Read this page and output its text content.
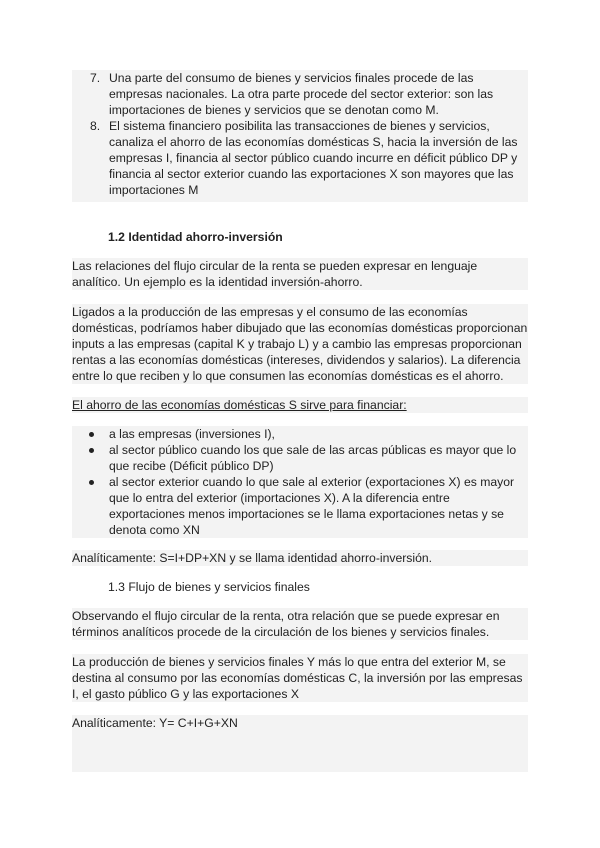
7. Una parte del consumo de bienes y servicios finales procede de las empresas nacionales. La otra parte procede del sector exterior: son las importaciones de bienes y servicios que se denotan como M.
8. El sistema financiero posibilita las transacciones de bienes y servicios, canaliza el ahorro de las economías domésticas S, hacia la inversión de las empresas I, financia al sector público cuando incurre en déficit público DP y financia al sector exterior cuando las exportaciones X son mayores que las importaciones M
1.2 Identidad ahorro-inversión

Las relaciones del flujo circular de la renta se pueden expresar en lenguaje analítico. Un ejemplo es la identidad inversión-ahorro.

Ligados a la producción de las empresas y el consumo de las economías domésticas, podríamos haber dibujado que las economías domésticas proporcionan inputs a las empresas (capital K y trabajo L) y a cambio las empresas proporcionan rentas a las economías domésticas (intereses, dividendos y salarios). La diferencia entre lo que reciben y lo que consumen las economías domésticas es el ahorro.

El ahorro de las economías domésticas S sirve para financiar:

a las empresas (inversiones I),
al sector público cuando los que sale de las arcas públicas es mayor que lo que recibe (Déficit público DP)
al sector exterior cuando lo que sale al exterior (exportaciones X) es mayor que lo entra del exterior (importaciones X). A la diferencia entre exportaciones menos importaciones se le llama exportaciones netas y se denota como XN

Analíticamente: S=I+DP+XN y se llama identidad ahorro-inversión.

1.3 Flujo de bienes y servicios finales

Observando el flujo circular de la renta, otra relación que se puede expresar en términos analíticos procede de la circulación de los bienes y servicios finales.

La producción de bienes y servicios finales Y más lo que entra del exterior M, se destina al consumo por las economías domésticas C, la inversión por las empresas I, el gasto público G y las exportaciones X

Analíticamente: Y= C+I+G+XN
